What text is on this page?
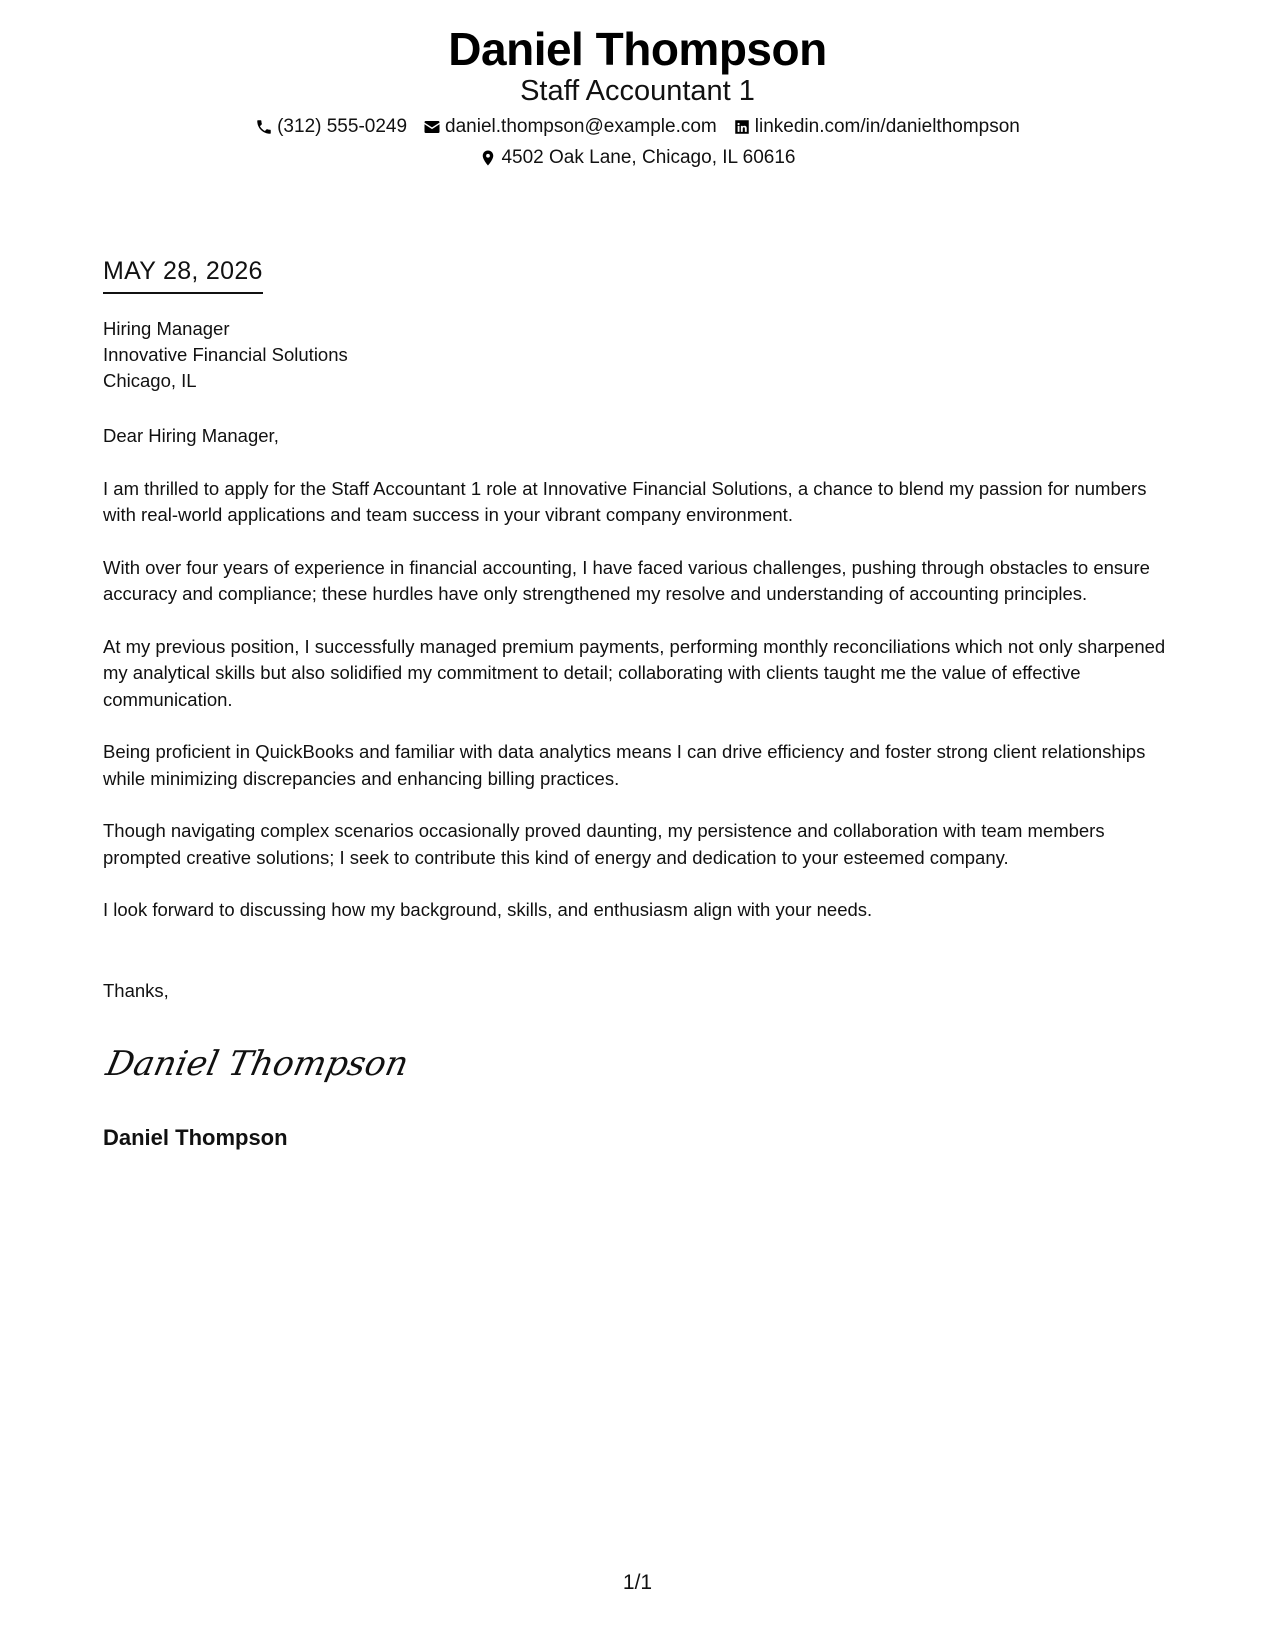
Daniel Thompson
Staff Accountant 1
(312) 555-0249 daniel.thompson@example.com linkedin.com/in/danielthompson
4502 Oak Lane, Chicago, IL 60616
MAY 28, 2026
Hiring Manager
Innovative Financial Solutions
Chicago, IL

Dear Hiring Manager,

I am thrilled to apply for the Staff Accountant 1 role at Innovative Financial Solutions, a chance to blend my passion for numbers with real-world applications and team success in your vibrant company environment.

With over four years of experience in financial accounting, I have faced various challenges, pushing through obstacles to ensure accuracy and compliance; these hurdles have only strengthened my resolve and understanding of accounting principles.

At my previous position, I successfully managed premium payments, performing monthly reconciliations which not only sharpened my analytical skills but also solidified my commitment to detail; collaborating with clients taught me the value of effective communication.

Being proficient in QuickBooks and familiar with data analytics means I can drive efficiency and foster strong client relationships while minimizing discrepancies and enhancing billing practices.

Though navigating complex scenarios occasionally proved daunting, my persistence and collaboration with team members prompted creative solutions; I seek to contribute this kind of energy and dedication to your esteemed company.

I look forward to discussing how my background, skills, and enthusiasm align with your needs.

Thanks,
Daniel Thompson
Daniel Thompson
1/1
